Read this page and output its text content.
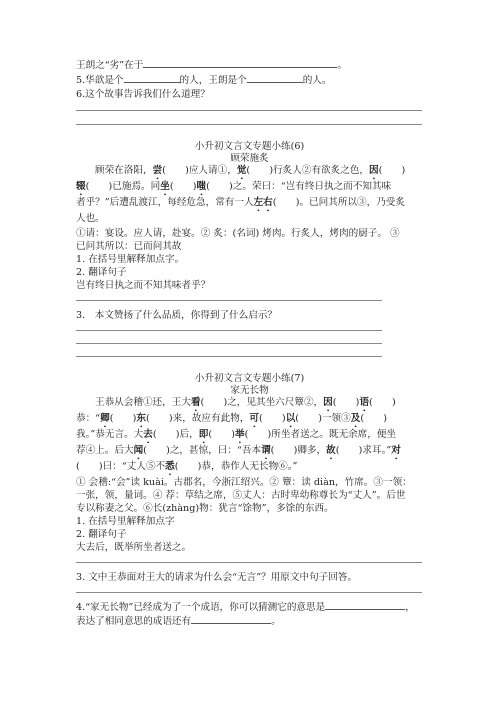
王朗之“劣”在于	。
5.华歆是个	的人，王朗是个	的人。
6.这个故事告诉我们什么道理？
小升初文言文专题小练(6)
顾荣施炙
顾荣在洛阳，尝(　　)应人请①，觉(　　)行炙人②有欲炙之色，因(　　)
辍(　　)已施焉。同坐(　　)嗤(　　)之。荣曰：“岂有终日执之而不知其味
者乎？”后遭乱渡江，每经危急，常有一人左右(　　)。已问其所以③，乃受炙
人也。
①请：宴设。应人请，赴宴。② 炙：(名词) 烤肉。行炙人，烤肉的厨子。 ③
已问其所以：已而问其故
1. 在括号里解释加点字。
2. 翻译句子
岂有终日执之而不知其味者乎？
3.　本文赞扬了什么品质，你得到了什么启示？
小升初文言文专题小练(7)
家无长物
王恭从会稽①还，王大看(　　)之，见其坐六尺簟②，因(　　)语(　　)
恭：“卿(　　)东(　　)来，故应有此物，可(　　)以(　　)一领③及(　　)
我。”恭无言。大去(　　)后，即(　　)举(　　)所坐者送之。既无余席，便坐
荐④上。后大闻(　　)之，甚惊，曰：“吾本谓(　　)卿多，故(　　)求耳。”对
(　　)曰：“丈人⑤不悉(　　)恭，恭作人无长物⑥。”
① 会稽:“会”读 kuài。古郡名，今浙江绍兴。② 簟：读 diàn，竹席。③一领：
一张，领，量词。④ 荐：草结之席，⑤丈人：古时卑幼称尊长为“丈人”。后世
专以称妻之父。⑥长(zhàng)物：犹言“馀物”，多馀的东西。
1. 在括号里解释加点字
2. 翻译句子
大去后，既举所坐者送之。
3. 文中王恭面对王大的请求为什么会“无言”？用原文中句子回答。
4.“家无长物”已经成为了一个成语，你可以猜测它的意思是	，
表达了相同意思的成语还有	。
